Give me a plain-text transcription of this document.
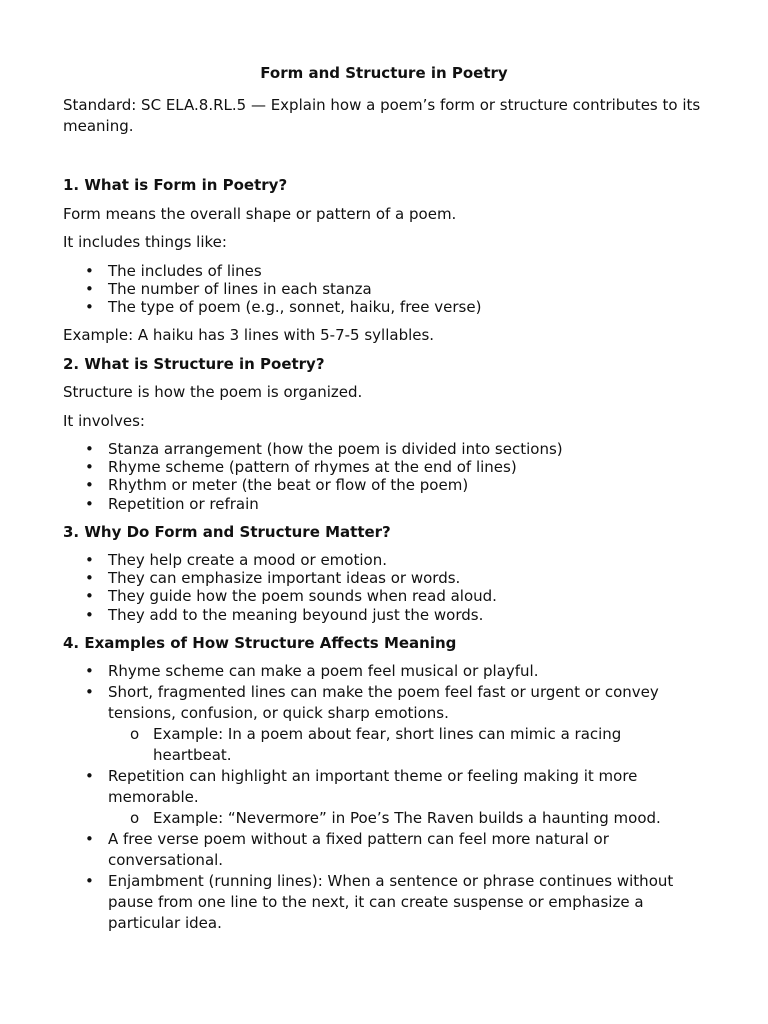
Form and Structure in Poetry

Standard: SC ELA.8.RL.5 — Explain how a poem’s form or structure contributes to its meaning.

1. What is Form in Poetry?

Form means the overall shape or pattern of a poem.

It includes things like:

• The includes of lines
• The number of lines in each stanza
• The type of poem (e.g., sonnet, haiku, free verse)

Example: A haiku has 3 lines with 5-7-5 syllables.

2. What is Structure in Poetry?

Structure is how the poem is organized.

It involves:

• Stanza arrangement (how the poem is divided into sections)
• Rhyme scheme (pattern of rhymes at the end of lines)
• Rhythm or meter (the beat or flow of the poem)
• Repetition or refrain

3. Why Do Form and Structure Matter?

• They help create a mood or emotion.
• They can emphasize important ideas or words.
• They guide how the poem sounds when read aloud.
• They add to the meaning beyound just the words.

4. Examples of How Structure Affects Meaning

• Rhyme scheme can make a poem feel musical or playful.
• Short, fragmented lines can make the poem feel fast or urgent or convey tensions, confusion, or quick sharp emotions.
o Example: In a poem about fear, short lines can mimic a racing heartbeat.
• Repetition can highlight an important theme or feeling making it more memorable.
o Example: “Nevermore” in Poe’s The Raven builds a haunting mood.
• A free verse poem without a fixed pattern can feel more natural or conversational.
• Enjambment (running lines): When a sentence or phrase continues without pause from one line to the next, it can create suspense or emphasize a particular idea.
